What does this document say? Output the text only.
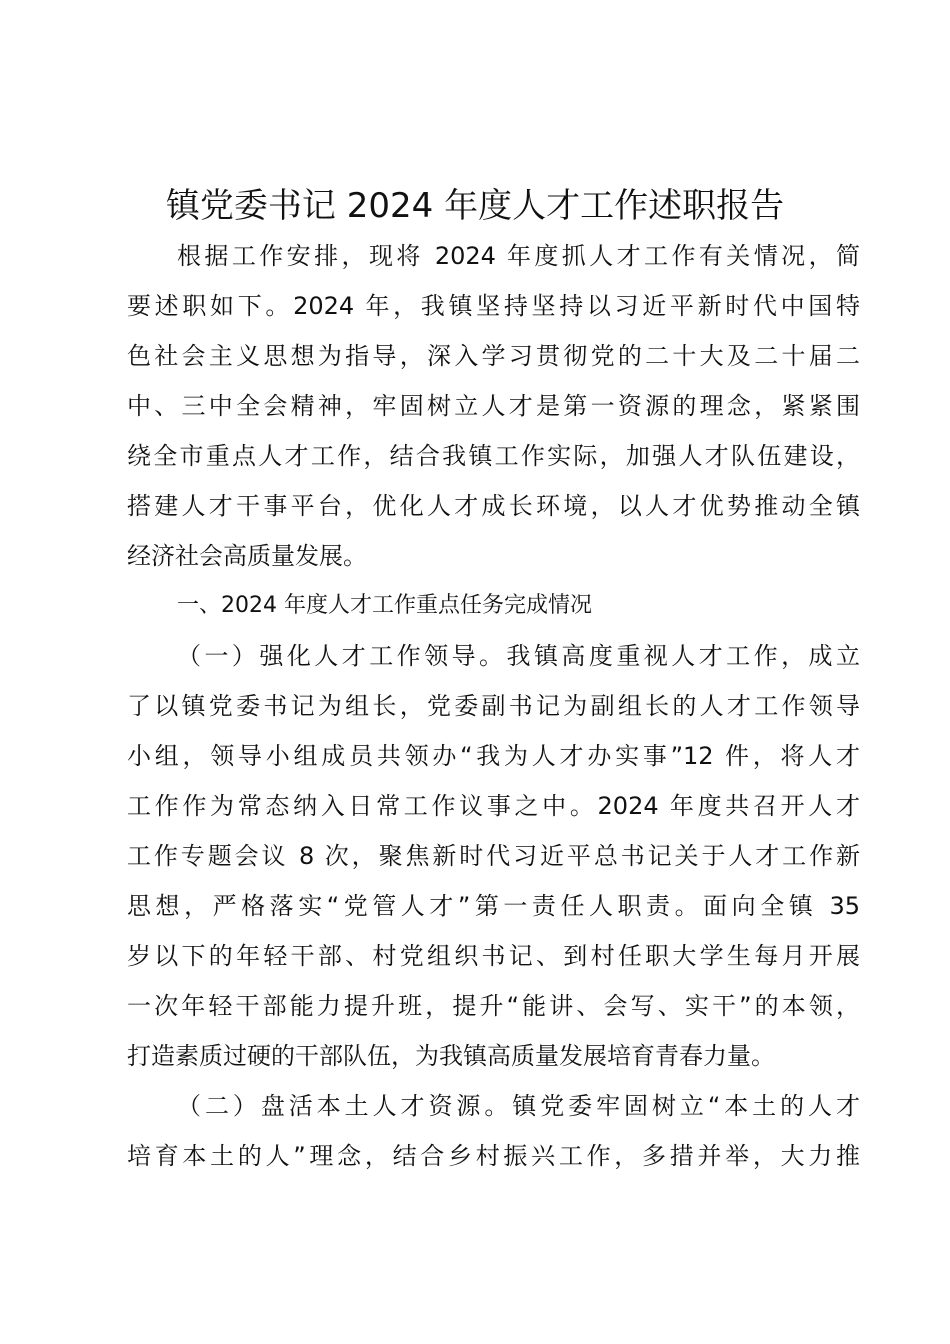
镇党委书记 2024 年度人才工作述职报告
根据工作安排，现将 2024 年度抓人才工作有关情况，简
要述职如下。2024 年，我镇坚持坚持以习近平新时代中国特
色社会主义思想为指导，深入学习贯彻党的二十大及二十届二
中、三中全会精神，牢固树立人才是第一资源的理念，紧紧围
绕全市重点人才工作，结合我镇工作实际，加强人才队伍建设，
搭建人才干事平台，优化人才成长环境，以人才优势推动全镇
经济社会高质量发展。
一、2024 年度人才工作重点任务完成情况
（一）强化人才工作领导。我镇高度重视人才工作，成立
了以镇党委书记为组长，党委副书记为副组长的人才工作领导
小组，领导小组成员共领办“我为人才办实事”12 件，将人才
工作作为常态纳入日常工作议事之中。2024 年度共召开人才
工作专题会议 8 次，聚焦新时代习近平总书记关于人才工作新
思想，严格落实“党管人才”第一责任人职责。面向全镇 35
岁以下的年轻干部、村党组织书记、到村任职大学生每月开展
一次年轻干部能力提升班，提升“能讲、会写、实干”的本领，
打造素质过硬的干部队伍，为我镇高质量发展培育青春力量。
（二）盘活本土人才资源。镇党委牢固树立“本土的人才
培育本土的人”理念，结合乡村振兴工作，多措并举，大力推
